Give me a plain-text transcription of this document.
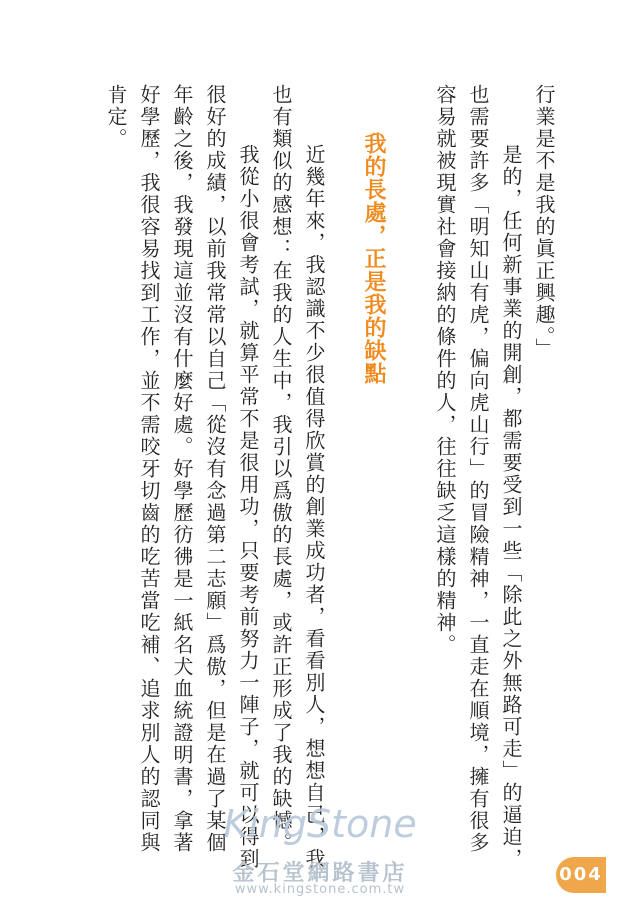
行業是不是我的眞正興趣。」
　是的，任何新事業的開創，都需要受到一些「除此之外無路可走」的逼迫，
也需要許多「明知山有虎，偏向虎山行」的冒險精神，一直走在順境，擁有很多
容易就被現實社會接納的條件的人，往往缺乏這樣的精神。
我的長處，正是我的缺點
　近幾年來，我認識不少很值得欣賞的創業成功者，看看別人，想想自己，我
也有類似的感想：在我的人生中，我引以爲傲的長處，或許正形成了我的缺憾。
　我從小很會考試，就算平常不是很用功，只要考前努力一陣子，就可以得到
很好的成績，以前我常常以自己「從沒有念過第二志願」爲傲，但是在過了某個
年齡之後，我發現這並沒有什麼好處。好學歷彷彿是一紙名犬血統證明書，拿著
好學歷，我很容易找到工作，並不需咬牙切齒的吃苦當吃補、追求別人的認同與
肯定。
KingStone
金石堂網路書店
www.kingstone.com.tw
004
